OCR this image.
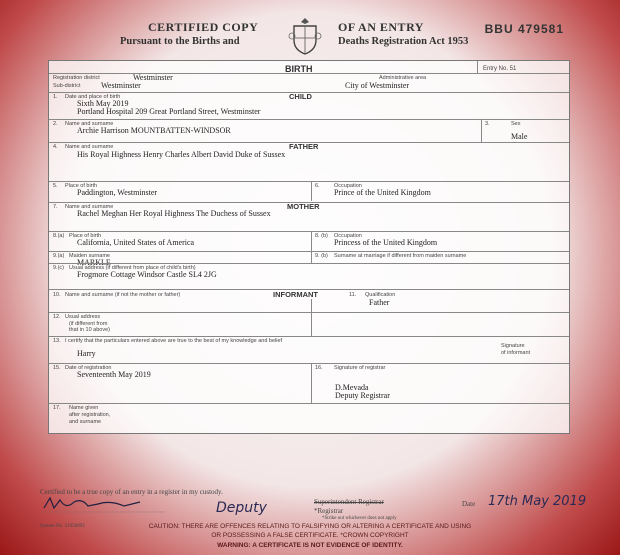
CERTIFIED COPY	OF AN ENTRY
Pursuant to the Births and	Deaths Registration Act 1953
BBU 479581
BIRTH	Entry No. 51
Registration district	Westminster	Administrative area
Sub-district	Westminster	City of Westminster
1. Date and place of birth	CHILD
Sixth May 2019
Portland Hospital 209 Great Portland Street, Westminster
2. Name and surname
Archie Harrison MOUNTBATTEN-WINDSOR
3.	Sex
Male
4. Name and surname	FATHER
His Royal Highness Henry Charles Albert David Duke of Sussex
5. Place of birth
Paddington, Westminster
6.	Occupation
Prince of the United Kingdom
7. Name and surname	MOTHER
Rachel Meghan Her Royal Highness The Duchess of Sussex
8.(a) Place of birth
California, United States of America
8. (b) Occupation
Princess of the United Kingdom
9.(a) Maiden surname
MARKLE
9. (b) Surname at marriage if different from maiden surname
9.(c) Usual address (if different from place of child's birth)
Frogmore Cottage Windsor Castle SL4 2JG
10. Name and surname (if not the mother or father)	INFORMANT	11. Qualification
Father
12. Usual address
(if different from
that in 10 above)
13. I certify that the particulars entered above are true to the best of my knowledge and belief
Harry
Signature
of informant
15. Date of registration
Seventeenth May 2019
16. Signature of registrar
D.Mevada
Deputy Registrar
17. Name given
after registration,
and surname
Certified to be a true copy of an entry in a register in my custody.
Deputy	Superintendent Registrar
*Registrar
*Strike out whichever does not apply
Date 17th May 2019
System No. 51956093	CAUTION: THERE ARE OFFENCES RELATING TO FALSIFYING OR ALTERING A CERTIFICATE AND USING
OR POSSESSING A FALSE CERTIFICATE. *CROWN COPYRIGHT
WARNING: A CERTIFICATE IS NOT EVIDENCE OF IDENTITY.
